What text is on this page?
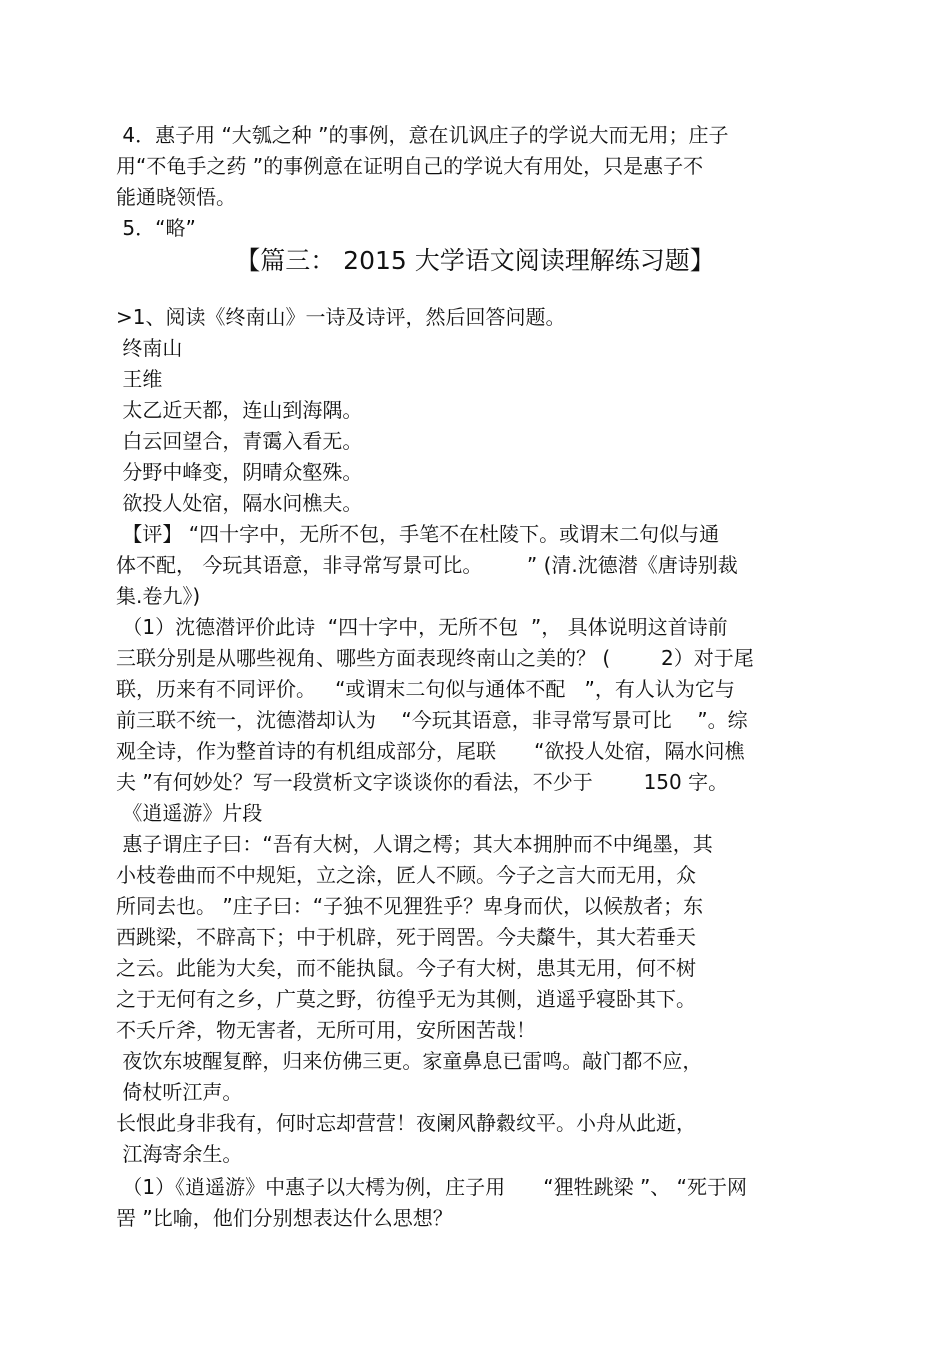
4．惠子用 “大瓠之种 ”的事例，意在讥讽庄子的学说大而无用；庄子
用“不龟手之药 ”的事例意在证明自己的学说大有用处，只是惠子不
能通晓领悟。
5．“略”
【篇三： 2015 大学语文阅读理解练习题】
>1、阅读《终南山》一诗及诗评，然后回答问题。
终南山
王维
太乙近天都，连山到海隅。
白云回望合，青霭入看无。
分野中峰变，阴晴众壑殊。
欲投人处宿，隔水问樵夫。
【评】 “四十字中，无所不包，手笔不在杜陵下。或谓末二句似与通
体不配， 今玩其语意，非寻常写景可比。       ” (清.沈德潜《唐诗别裁
集.卷九》)
（1）沈德潜评价此诗  “四十字中，无所不包  ”， 具体说明这首诗前
三联分别是从哪些视角、哪些方面表现终南山之美的？ (        2）对于尾
联，历来有不同评价。   “或谓末二句似与通体不配   ”，有人认为它与
前三联不统一，沈德潜却认为    “今玩其语意，非寻常写景可比    ”。综
观全诗，作为整首诗的有机组成部分，尾联      “欲投人处宿，隔水问樵
夫 ”有何妙处？写一段赏析文字谈谈你的看法，不少于        150 字。
《逍遥游》片段
惠子谓庄子曰：“吾有大树，人谓之樗；其大本拥肿而不中绳墨，其
小枝卷曲而不中规矩，立之涂，匠人不顾。今子之言大而无用，众
所同去也。 ”庄子曰：“子独不见狸狌乎？卑身而伏，以候敖者；东
西跳梁，不辟高下；中于机辟，死于罔罟。今夫斄牛，其大若垂天
之云。此能为大矣，而不能执鼠。今子有大树，患其无用，何不树
之于无何有之乡，广莫之野，彷徨乎无为其侧，逍遥乎寝卧其下。
不夭斤斧，物无害者，无所可用，安所困苦哉！
夜饮东坡醒复醉，归来仿佛三更。家童鼻息已雷鸣。敲门都不应，
倚杖听江声。
长恨此身非我有，何时忘却营营！夜阑风静縠纹平。小舟从此逝，
江海寄余生。
（1）《逍遥游》中惠子以大樗为例，庄子用      “狸牲跳梁 ”、 “死于网
罟 ”比喻，他们分别想表达什么思想？
